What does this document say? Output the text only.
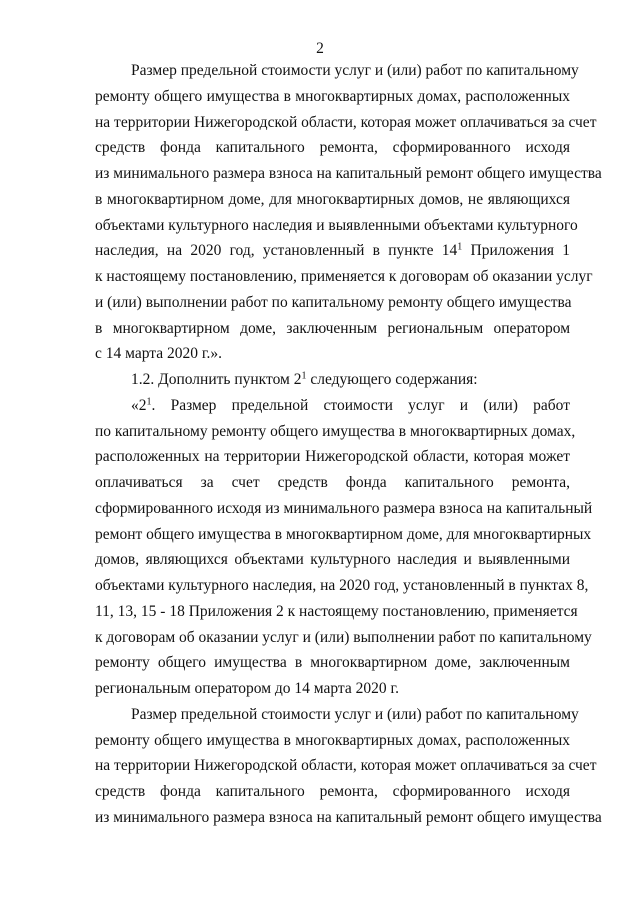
2
Размер предельной стоимости услуг и (или) работ по капитальному
ремонту общего имущества в многоквартирных домах, расположенных
на территории Нижегородской области, которая может оплачиваться за счет
средств фонда капитального ремонта, сформированного исходя
из минимального размера взноса на капитальный ремонт общего имущества
в многоквартирном доме, для многоквартирных домов, не являющихся
объектами культурного наследия и выявленными объектами культурного
наследия, на 2020 год, установленный в пункте $14^1$ Приложения 1
к настоящему постановлению, применяется к договорам об оказании услуг
и (или) выполнении работ по капитальному ремонту общего имущества
в многоквартирном доме, заключенным региональным оператором
с 14 марта 2020 г.».
1.2. Дополнить пунктом $2^1$ следующего содержания:
«$2^1$. Размер предельной стоимости услуг и (или) работ
по капитальному ремонту общего имущества в многоквартирных домах,
расположенных на территории Нижегородской области, которая может
оплачиваться за счет средств фонда капитального ремонта,
сформированного исходя из минимального размера взноса на капитальный
ремонт общего имущества в многоквартирном доме, для многоквартирных
домов, являющихся объектами культурного наследия и выявленными
объектами культурного наследия, на 2020 год, установленный в пунктах 8,
11, 13, 15 - 18 Приложения 2 к настоящему постановлению, применяется
к договорам об оказании услуг и (или) выполнении работ по капитальному
ремонту общего имущества в многоквартирном доме, заключенным
региональным оператором до 14 марта 2020 г.
Размер предельной стоимости услуг и (или) работ по капитальному
ремонту общего имущества в многоквартирных домах, расположенных
на территории Нижегородской области, которая может оплачиваться за счет
средств фонда капитального ремонта, сформированного исходя
из минимального размера взноса на капитальный ремонт общего имущества
